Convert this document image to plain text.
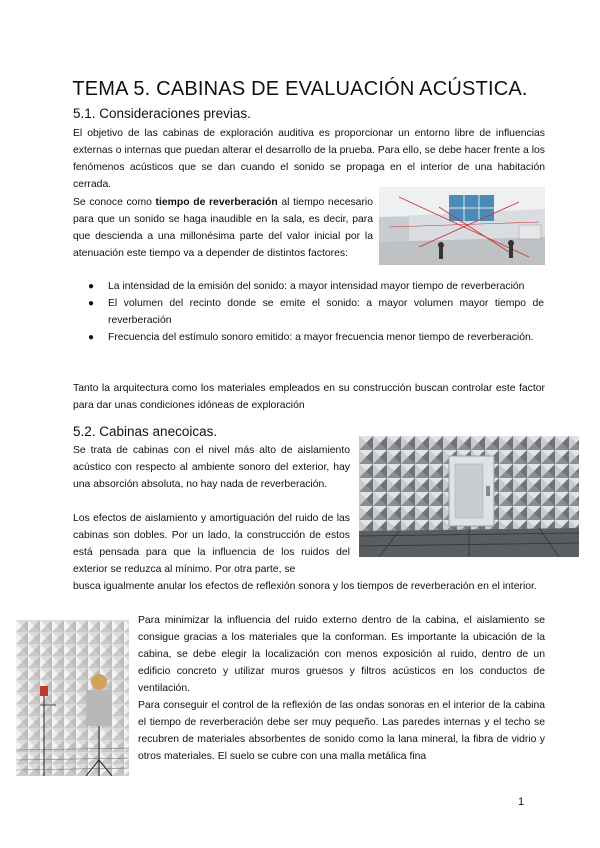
TEMA 5. CABINAS DE EVALUACIÓN ACÚSTICA.
5.1. Consideraciones previas.
El objetivo de las cabinas de exploración auditiva es proporcionar un entorno libre de influencias externas o internas que puedan alterar el desarrollo de la prueba. Para ello, se debe hacer frente a los fenómenos acústicos que se dan cuando el sonido se propaga en el interior de una habitación cerrada.
Se conoce como tiempo de reverberación al tiempo necesario para que un sonido se haga inaudible en la sala, es decir, para que descienda a una millonésima parte del valor inicial por la atenuación este tiempo va a depender de distintos factores:
● La intensidad de la emisión del sonido: a mayor intensidad mayor tiempo de reverberación
● El volumen del recinto donde se emite el sonido: a mayor volumen mayor tiempo de reverberación
● Frecuencia del estímulo sonoro emitido: a mayor frecuencia menor tiempo de reverberación.
Tanto la arquitectura como los materiales empleados en su construcción buscan controlar este factor para dar unas condiciones idóneas de exploración
5.2. Cabinas anecoicas.
Se trata de cabinas con el nivel más alto de aislamiento acústico con respecto al ambiente sonoro del exterior, hay una absorción absoluta, no hay nada de reverberación.
Los efectos de aislamiento y amortiguación del ruido de las cabinas son dobles. Por un lado, la construcción de estos está pensada para que la influencia de los ruidos del exterior se reduzca al mínimo. Por otra parte, se
busca igualmente anular los efectos de reflexión sonora y los tiempos de reverberación en el interior.
Para minimizar la influencia del ruido externo dentro de la cabina, el aislamiento se consigue gracias a los materiales que la conforman. Es importante la ubicación de la cabina, se debe elegir la localización con menos exposición al ruido, dentro de un edificio concreto y utilizar muros gruesos y filtros acústicos en los conductos de ventilación.
Para conseguir el control de la reflexión de las ondas sonoras en el interior de la cabina el tiempo de reverberación debe ser muy pequeño. Las paredes internas y el techo se recubren de materiales absorbentes de sonido como la lana mineral, la fibra de vidrio y otros materiales. El suelo se cubre con una malla metálica fina
1
